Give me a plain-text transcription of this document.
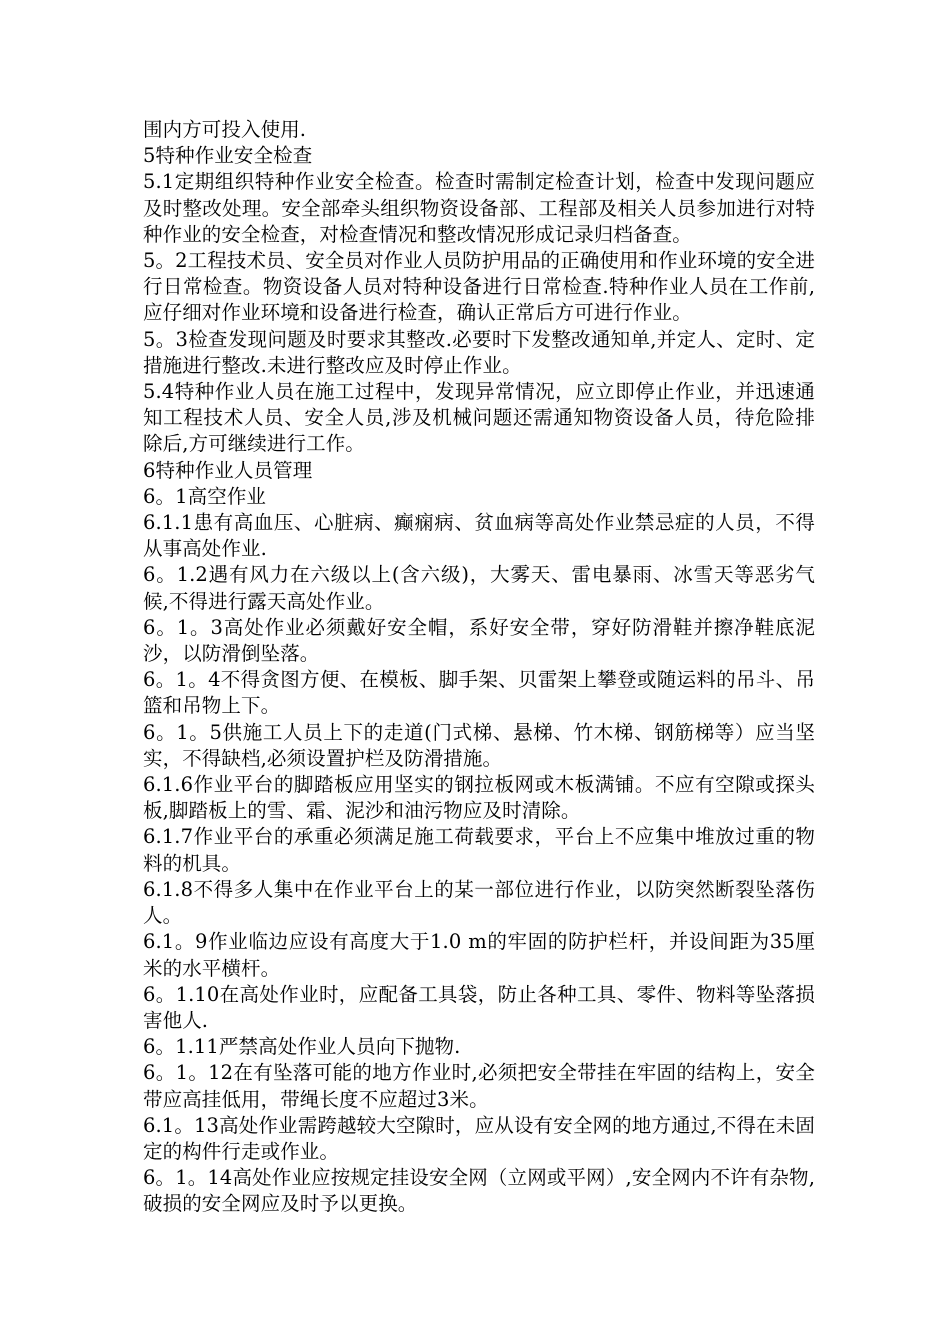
围内方可投入使用.

5特种作业安全检查

5.1定期组织特种作业安全检查。检查时需制定检查计划，检查中发现问题应及时整改处理。安全部牵头组织物资设备部、工程部及相关人员参加进行对特种作业的安全检查，对检查情况和整改情况形成记录归档备查。

5。2工程技术员、安全员对作业人员防护用品的正确使用和作业环境的安全进行日常检查。物资设备人员对特种设备进行日常检查.特种作业人员在工作前,应仔细对作业环境和设备进行检查，确认正常后方可进行作业。

5。3检查发现问题及时要求其整改.必要时下发整改通知单,并定人、定时、定措施进行整改.未进行整改应及时停止作业。

5.4特种作业人员在施工过程中，发现异常情况，应立即停止作业，并迅速通知工程技术人员、安全人员,涉及机械问题还需通知物资设备人员，待危险排除后,方可继续进行工作。

6特种作业人员管理

6。1高空作业

6.1.1患有高血压、心脏病、癫痫病、贫血病等高处作业禁忌症的人员，不得从事高处作业.

6。1.2遇有风力在六级以上(含六级)，大雾天、雷电暴雨、冰雪天等恶劣气候,不得进行露天高处作业。

6。1。3高处作业必须戴好安全帽，系好安全带，穿好防滑鞋并擦净鞋底泥沙，以防滑倒坠落。

6。1。4不得贪图方便、在模板、脚手架、贝雷架上攀登或随运料的吊斗、吊篮和吊物上下。

6。1。5供施工人员上下的走道(门式梯、悬梯、竹木梯、钢筋梯等）应当坚实，不得缺档,必须设置护栏及防滑措施。

6.1.6作业平台的脚踏板应用坚实的钢拉板网或木板满铺。不应有空隙或探头板,脚踏板上的雪、霜、泥沙和油污物应及时清除。

6.1.7作业平台的承重必须满足施工荷载要求，平台上不应集中堆放过重的物料的机具。

6.1.8不得多人集中在作业平台上的某一部位进行作业，以防突然断裂坠落伤人。

6.1。9作业临边应设有高度大于1.0 m的牢固的防护栏杆，并设间距为35厘米的水平横杆。

6。1.10在高处作业时，应配备工具袋，防止各种工具、零件、物料等坠落损害他人.

6。1.11严禁高处作业人员向下抛物.

6。1。12在有坠落可能的地方作业时,必须把安全带挂在牢固的结构上，安全带应高挂低用，带绳长度不应超过3米。

6.1。13高处作业需跨越较大空隙时，应从设有安全网的地方通过,不得在未固定的构件行走或作业。

6。1。14高处作业应按规定挂设安全网（立网或平网）,安全网内不许有杂物,破损的安全网应及时予以更换。
